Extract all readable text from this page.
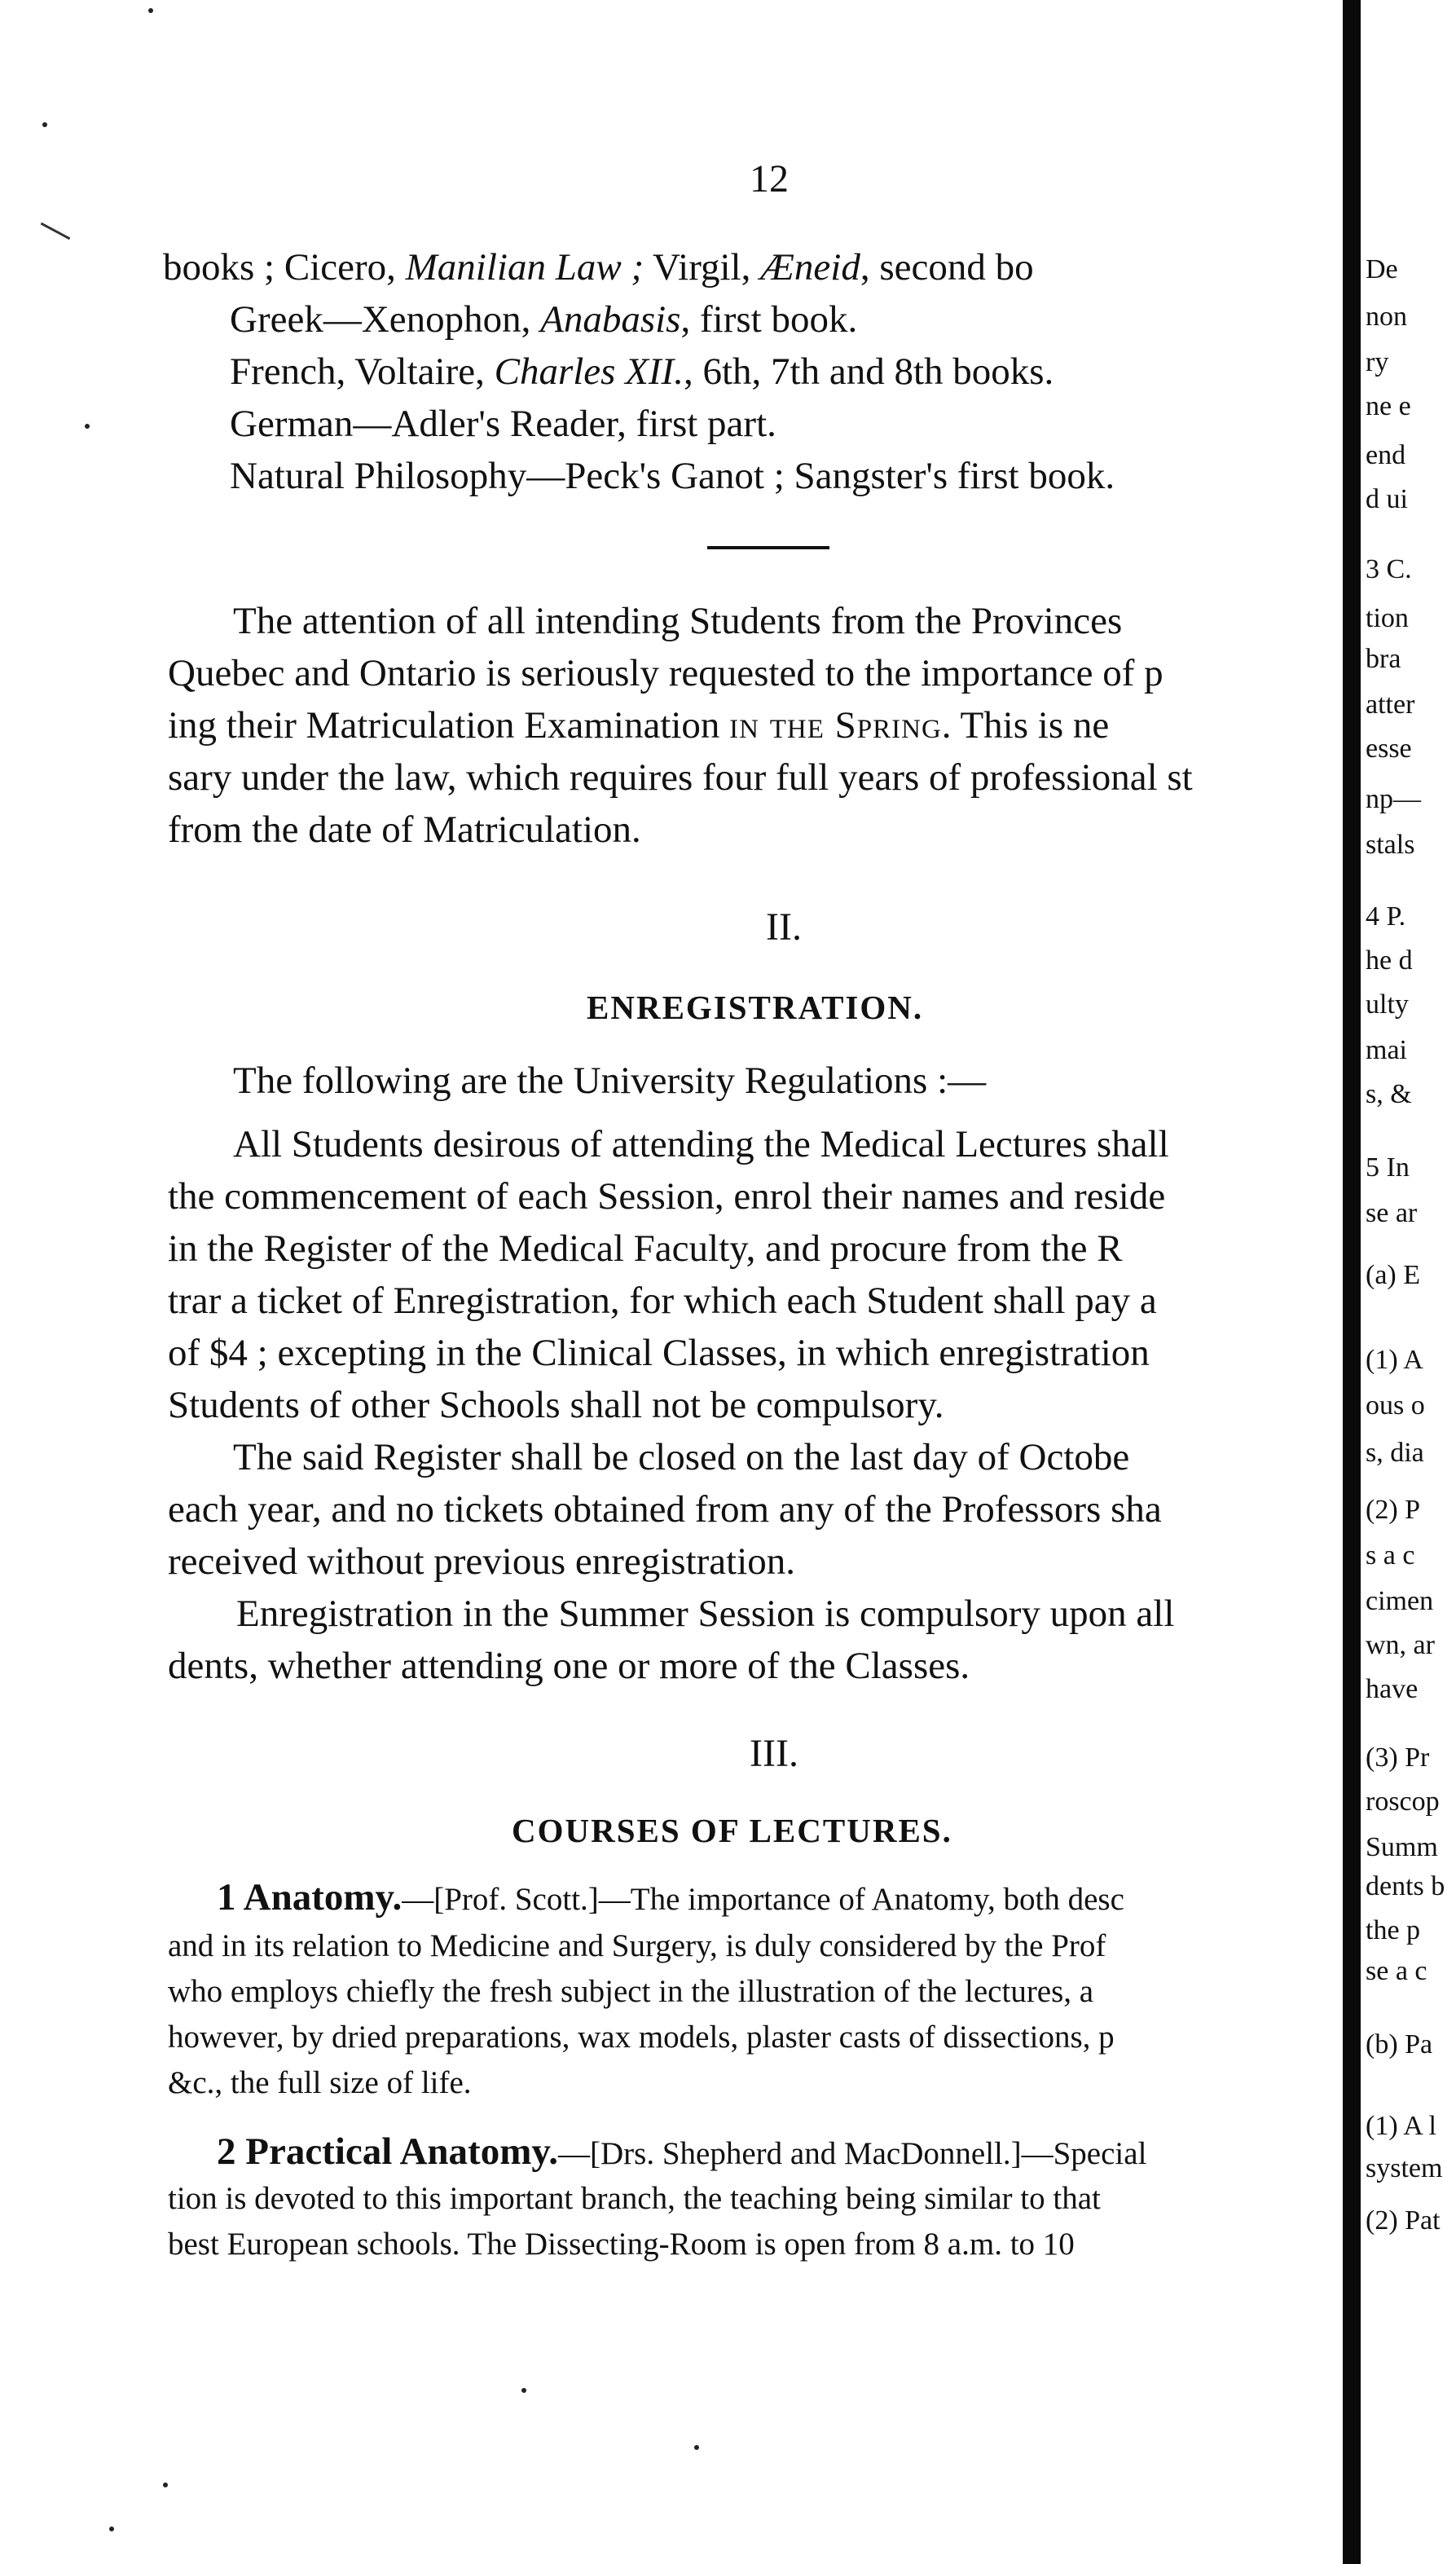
12
books ; Cicero, Manilian Law ; Virgil, Æneid, second bo
Greek—Xenophon, Anabasis, first book.
French, Voltaire, Charles XII., 6th, 7th and 8th books.
German—Adler's Reader, first part.
Natural Philosophy—Peck's Ganot ; Sangster's first book.
The attention of all intending Students from the Provinces
Quebec and Ontario is seriously requested to the importance of p
ing their Matriculation Examination in the Spring. This is ne
sary under the law, which requires four full years of professional st
from the date of Matriculation.
II.
ENREGISTRATION.
The following are the University Regulations :—
All Students desirous of attending the Medical Lectures shall
the commencement of each Session, enrol their names and reside
in the Register of the Medical Faculty, and procure from the R
trar a ticket of Enregistration, for which each Student shall pay a
of $4 ; excepting in the Clinical Classes, in which enregistration
Students of other Schools shall not be compulsory.
The said Register shall be closed on the last day of Octobe
each year, and no tickets obtained from any of the Professors sha
received without previous enregistration.
Enregistration in the Summer Session is compulsory upon all
dents, whether attending one or more of the Classes.
III.
COURSES OF LECTURES.
1 Anatomy.—[Prof. Scott.]—The importance of Anatomy, both desc
and in its relation to Medicine and Surgery, is duly considered by the Prof
who employs chiefly the fresh subject in the illustration of the lectures, a
however, by dried preparations, wax models, plaster casts of dissections, p
&c., the full size of life.
2 Practical Anatomy.—[Drs. Shepherd and MacDonnell.]—Special
tion is devoted to this important branch, the teaching being similar to that
best European schools. The Dissecting-Room is open from 8 a.m. to 10
De
non
ry
ne e
end
d ui
3 C.
tion
bra
atter
esse
np—
stals
4 P.
he d
ulty
mai
s, &
5 In
se ar
(a) E
(1) A
ous o
s, dia
(2) P
s a c
cimen
wn, ar
have
(3) Pr
roscop
Summ
dents b
the p
se a c
(b) Pa
(1) A l
system
(2) Pat
